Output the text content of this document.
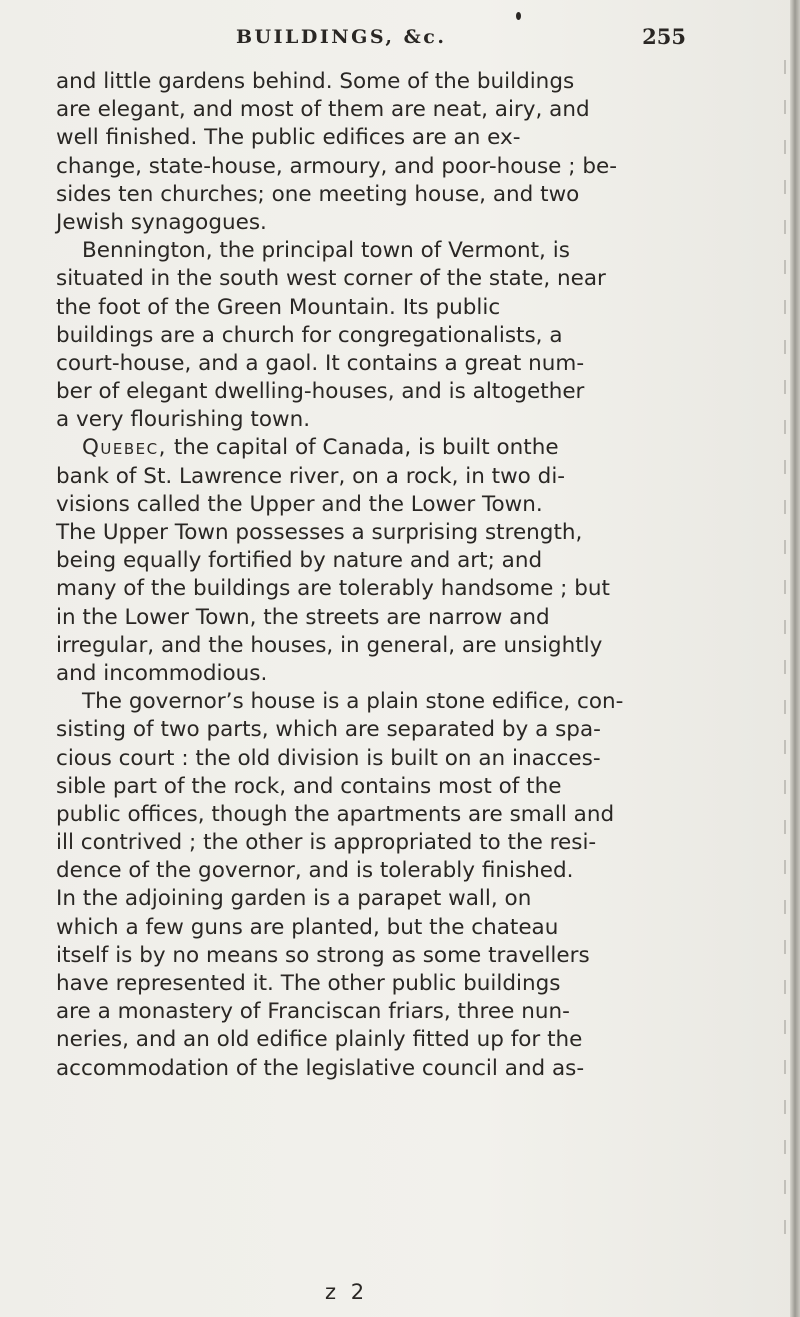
BUILDINGS, &c.	255
and little gardens behind. Some of the buildings
are elegant, and most of them are neat, airy, and
well finished. The public edifices are an ex-
change, state-house, armoury, and poor-house ; be-
sides ten churches; one meeting house, and two
Jewish synagogues.
Bennington, the principal town of Vermont, is
situated in the south west corner of the state, near
the foot of the Green Mountain. Its public
buildings are a church for congregationalists, a
court-house, and a gaol. It contains a great num-
ber of elegant dwelling-houses, and is altogether
a very flourishing town.
Quebec,
the capital of Canada, is built onthe
bank of St. Lawrence river, on a rock, in two di-
visions called the Upper and the Lower Town.
The Upper Town possesses a surprising strength,
being equally fortified by nature and art; and
many of the buildings are tolerably handsome ; but
in the Lower Town, the streets are narrow and
irregular, and the houses, in general, are unsightly
and incommodious.
The governor’s house is a plain stone edifice, con-
sisting of two parts, which are separated by a spa-
cious court : the old division is built on an inacces-
sible part of the rock, and contains most of the
public offices, though the apartments are small and
ill contrived ; the other is appropriated to the resi-
dence of the governor, and is tolerably finished.
In the adjoining garden is a parapet wall, on
which a few guns are planted, but the chateau
itself is by no means so strong as some travellers
have represented it. The other public buildings
are a monastery of Franciscan friars, three nun-
neries, and an old edifice plainly fitted up for the
accommodation of the legislative council and as-
z 2
